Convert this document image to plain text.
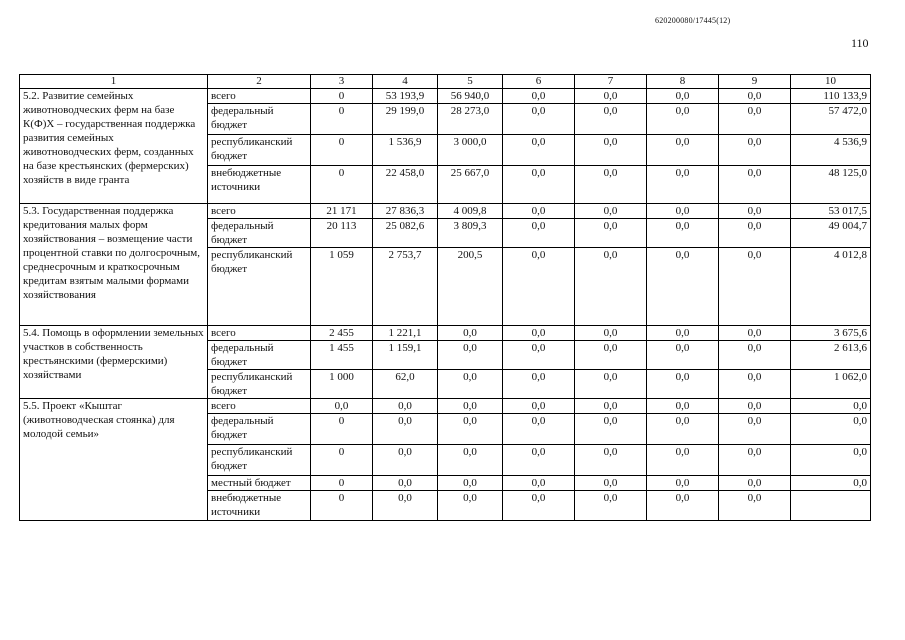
620200080/17445(12)
110
1	2	3	4	5	6	7	8	9	10
5.2. Развитие семейных животноводческих ферм на базе К(Ф)Х – государственная поддержка развития семейных животноводческих ферм, созданных на базе крестьянских (фермерских) хозяйств в виде гранта	всего	0	53 193,9	56 940,0	0,0	0,0	0,0	0,0	110 133,9
	федеральный бюджет	0	29 199,0	28 273,0	0,0	0,0	0,0	0,0	57 472,0
	республиканский бюджет	0	1 536,9	3 000,0	0,0	0,0	0,0	0,0	4 536,9
	внебюджетные источники	0	22 458,0	25 667,0	0,0	0,0	0,0	0,0	48 125,0
5.3. Государственная поддержка кредитования малых форм хозяйствования – возмещение части процентной ставки по долгосрочным, среднесрочным и краткосрочным кредитам взятым малыми формами хозяйствования	всего	21 171	27 836,3	4 009,8	0,0	0,0	0,0	0,0	53 017,5
	федеральный бюджет	20 113	25 082,6	3 809,3	0,0	0,0	0,0	0,0	49 004,7
	республиканский бюджет	1 059	2 753,7	200,5	0,0	0,0	0,0	0,0	4 012,8
5.4. Помощь в оформлении земельных участков в собственность крестьянскими (фермерскими) хозяйствами	всего	2 455	1 221,1	0,0	0,0	0,0	0,0	0,0	3 675,6
	федеральный бюджет	1 455	1 159,1	0,0	0,0	0,0	0,0	0,0	2 613,6
	республиканский бюджет	1 000	62,0	0,0	0,0	0,0	0,0	0,0	1 062,0
5.5. Проект «Кыштаг (животноводческая стоянка) для молодой семьи»	всего	0,0	0,0	0,0	0,0	0,0	0,0	0,0	0,0
	федеральный бюджет	0	0,0	0,0	0,0	0,0	0,0	0,0	0,0
	республиканский бюджет	0	0,0	0,0	0,0	0,0	0,0	0,0	0,0
	местный бюджет	0	0,0	0,0	0,0	0,0	0,0	0,0	0,0
	внебюджетные источники	0	0,0	0,0	0,0	0,0	0,0	0,0	
